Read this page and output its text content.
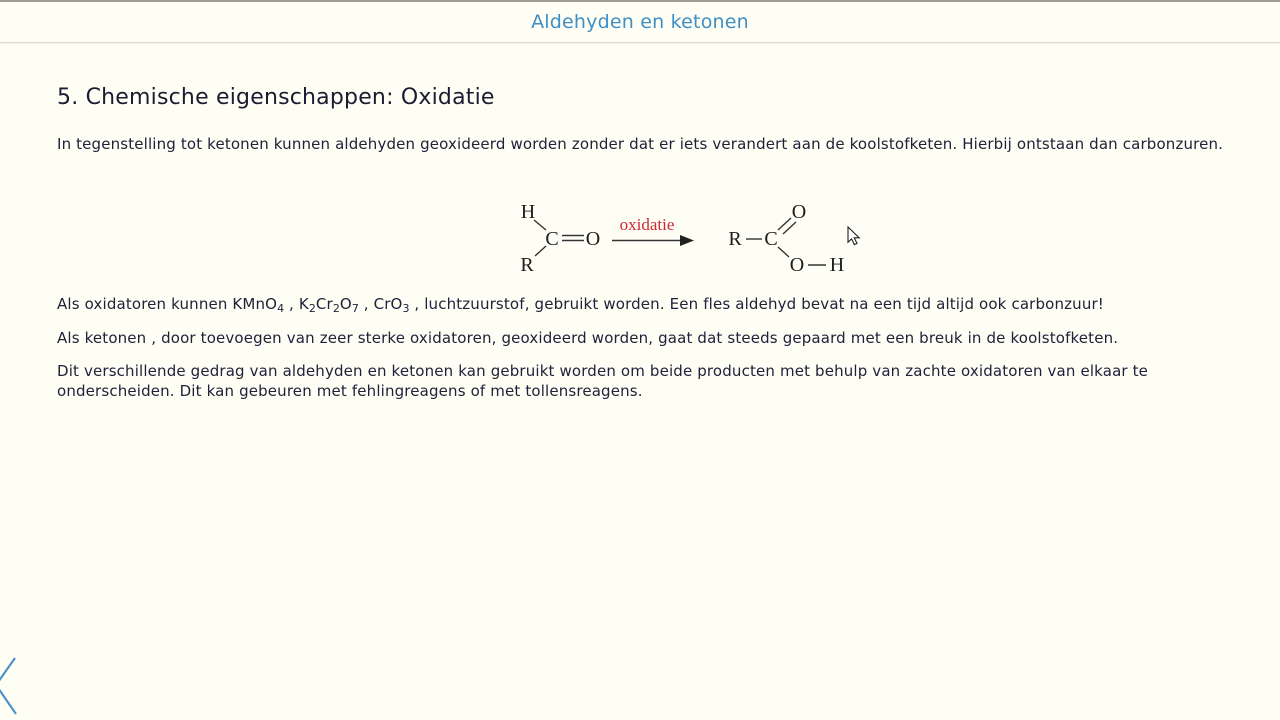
Aldehyden en ketonen
5. Chemische eigenschappen: Oxidatie
In tegenstelling tot ketonen kunnen aldehyden geoxideerd worden zonder dat er iets verandert aan de koolstofketen. Hierbij ontstaan dan carbonzuren.
H
C O
R
oxidatie
R C
O
O H
Als oxidatoren kunnen KMnO$_4$ , $K_2Cr_2O_7$ , CrO$_3$ , luchtzuurstof, gebruikt worden. Een fles aldehyd bevat na een tijd altijd ook carbonzuur!
Als ketonen , door toevoegen van zeer sterke oxidatoren, geoxideerd worden, gaat dat steeds gepaard met een breuk in de koolstofketen.
Dit verschillende gedrag van aldehyden en ketonen kan gebruikt worden om beide producten met behulp van zachte oxidatoren van elkaar te
onderscheiden. Dit kan gebeuren met fehlingreagens of met tollensreagens.
